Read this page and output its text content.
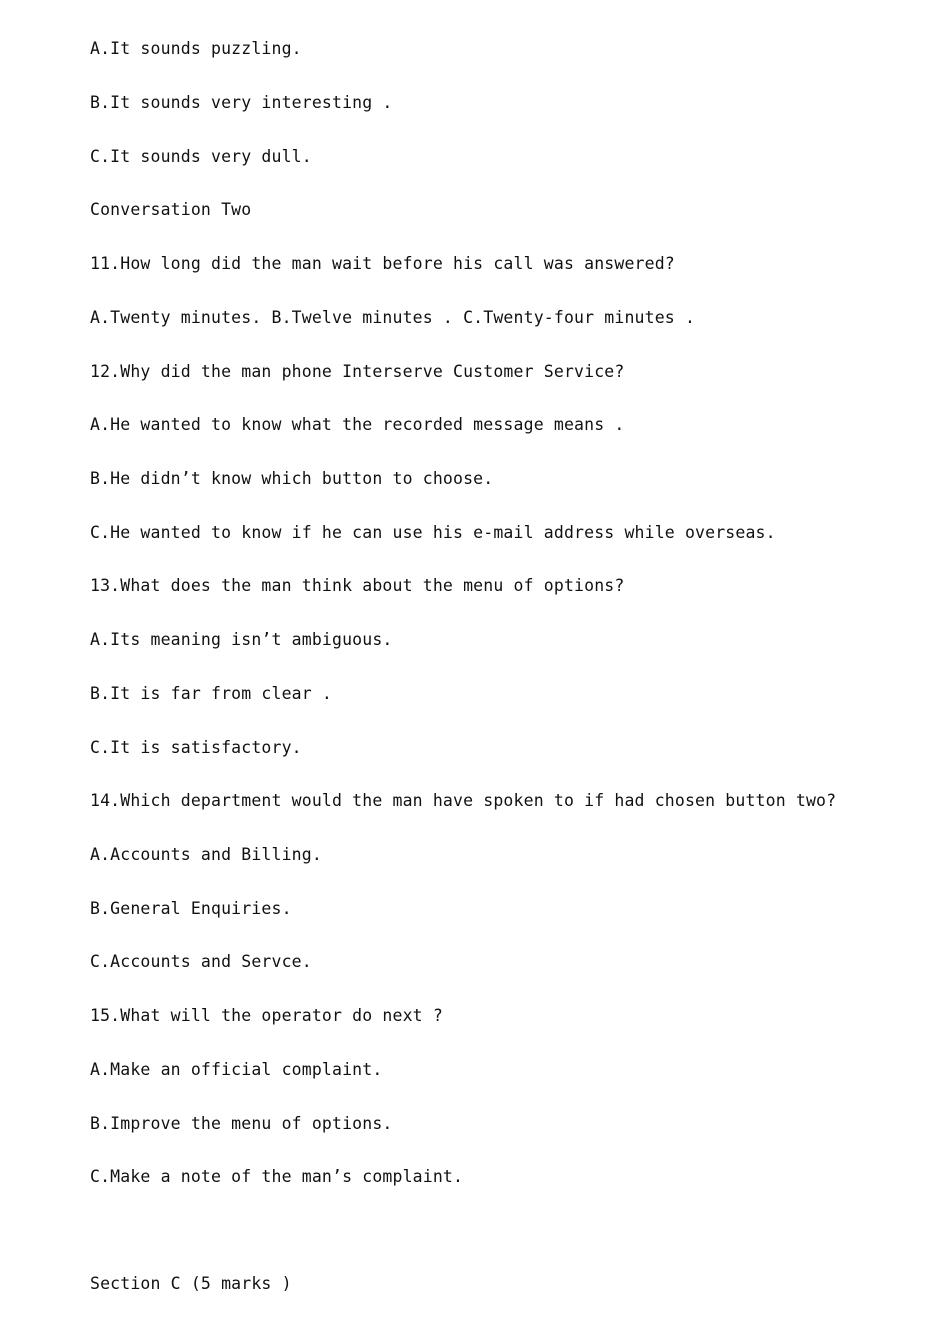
A.It sounds puzzling.

B.It sounds very interesting .

C.It sounds very dull.

Conversation Two

11.How long did the man wait before his call was answered?

A.Twenty minutes. B.Twelve minutes . C.Twenty-four minutes .

12.Why did the man phone Interserve Customer Service?

A.He wanted to know what the recorded message means .

B.He didn’t know which button to choose.

C.He wanted to know if he can use his e-mail address while overseas.

13.What does the man think about the menu of options?

A.Its meaning isn’t ambiguous.

B.It is far from clear .

C.It is satisfactory.

14.Which department would the man have spoken to if had chosen button two?

A.Accounts and Billing.

B.General Enquiries.

C.Accounts and Servce.

15.What will the operator do next ?

A.Make an official complaint.

B.Improve the menu of options.

C.Make a note of the man’s complaint.

Section C (5 marks )
